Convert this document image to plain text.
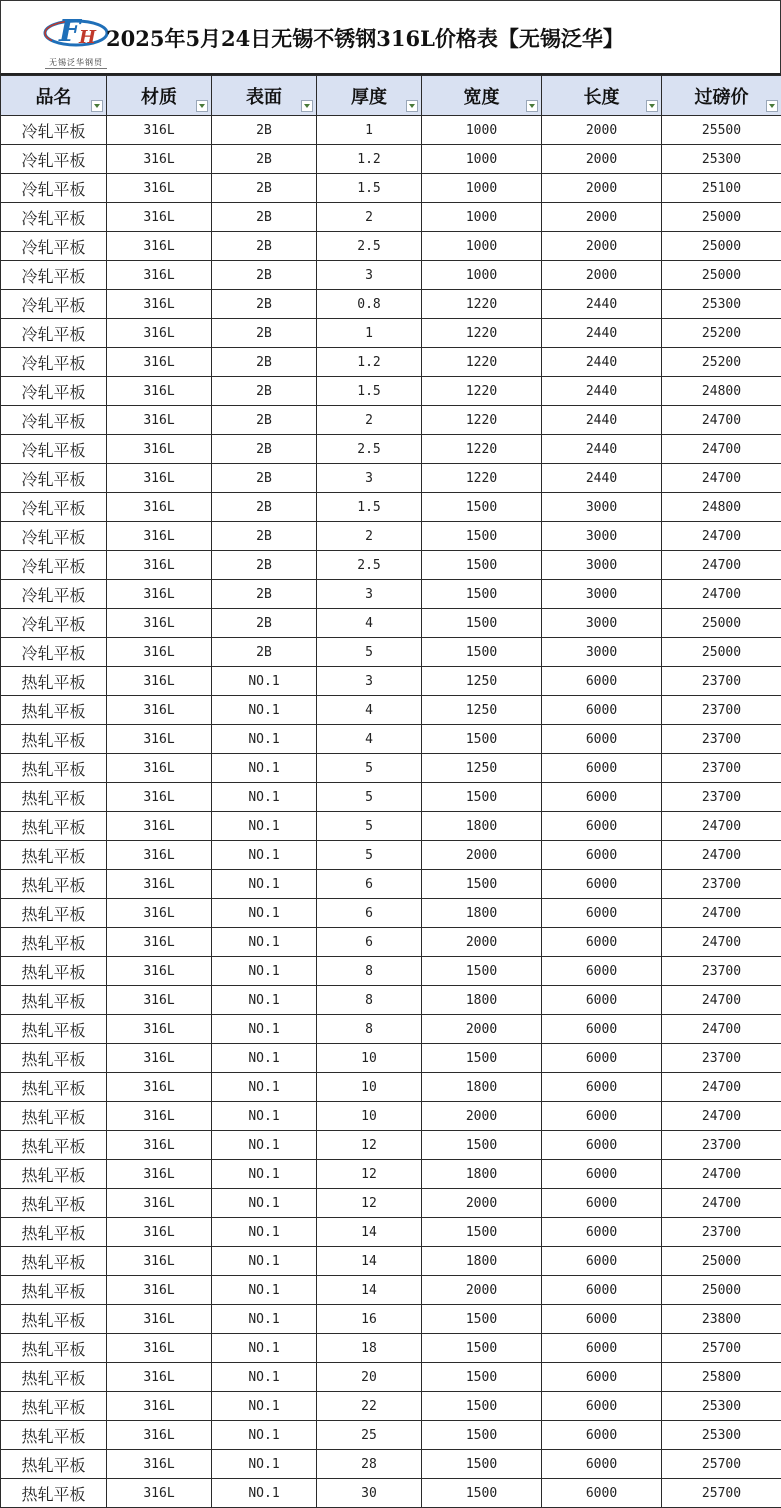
F
H
无锡泛华钢贸
2025年5月24日无锡不锈钢316L价格表【无锡泛华】
品名	材质	表面	厚度	宽度	长度	过磅价

冷轧平板	316L	2B	1	1000	2000	25500
冷轧平板	316L	2B	1.2	1000	2000	25300
冷轧平板	316L	2B	1.5	1000	2000	25100
冷轧平板	316L	2B	2	1000	2000	25000
冷轧平板	316L	2B	2.5	1000	2000	25000
冷轧平板	316L	2B	3	1000	2000	25000
冷轧平板	316L	2B	0.8	1220	2440	25300
冷轧平板	316L	2B	1	1220	2440	25200
冷轧平板	316L	2B	1.2	1220	2440	25200
冷轧平板	316L	2B	1.5	1220	2440	24800
冷轧平板	316L	2B	2	1220	2440	24700
冷轧平板	316L	2B	2.5	1220	2440	24700
冷轧平板	316L	2B	3	1220	2440	24700
冷轧平板	316L	2B	1.5	1500	3000	24800
冷轧平板	316L	2B	2	1500	3000	24700
冷轧平板	316L	2B	2.5	1500	3000	24700
冷轧平板	316L	2B	3	1500	3000	24700
冷轧平板	316L	2B	4	1500	3000	25000
冷轧平板	316L	2B	5	1500	3000	25000
热轧平板	316L	NO.1	3	1250	6000	23700
热轧平板	316L	NO.1	4	1250	6000	23700
热轧平板	316L	NO.1	4	1500	6000	23700
热轧平板	316L	NO.1	5	1250	6000	23700
热轧平板	316L	NO.1	5	1500	6000	23700
热轧平板	316L	NO.1	5	1800	6000	24700
热轧平板	316L	NO.1	5	2000	6000	24700
热轧平板	316L	NO.1	6	1500	6000	23700
热轧平板	316L	NO.1	6	1800	6000	24700
热轧平板	316L	NO.1	6	2000	6000	24700
热轧平板	316L	NO.1	8	1500	6000	23700
热轧平板	316L	NO.1	8	1800	6000	24700
热轧平板	316L	NO.1	8	2000	6000	24700
热轧平板	316L	NO.1	10	1500	6000	23700
热轧平板	316L	NO.1	10	1800	6000	24700
热轧平板	316L	NO.1	10	2000	6000	24700
热轧平板	316L	NO.1	12	1500	6000	23700
热轧平板	316L	NO.1	12	1800	6000	24700
热轧平板	316L	NO.1	12	2000	6000	24700
热轧平板	316L	NO.1	14	1500	6000	23700
热轧平板	316L	NO.1	14	1800	6000	25000
热轧平板	316L	NO.1	14	2000	6000	25000
热轧平板	316L	NO.1	16	1500	6000	23800
热轧平板	316L	NO.1	18	1500	6000	25700
热轧平板	316L	NO.1	20	1500	6000	25800
热轧平板	316L	NO.1	22	1500	6000	25300
热轧平板	316L	NO.1	25	1500	6000	25300
热轧平板	316L	NO.1	28	1500	6000	25700
热轧平板	316L	NO.1	30	1500	6000	25700
